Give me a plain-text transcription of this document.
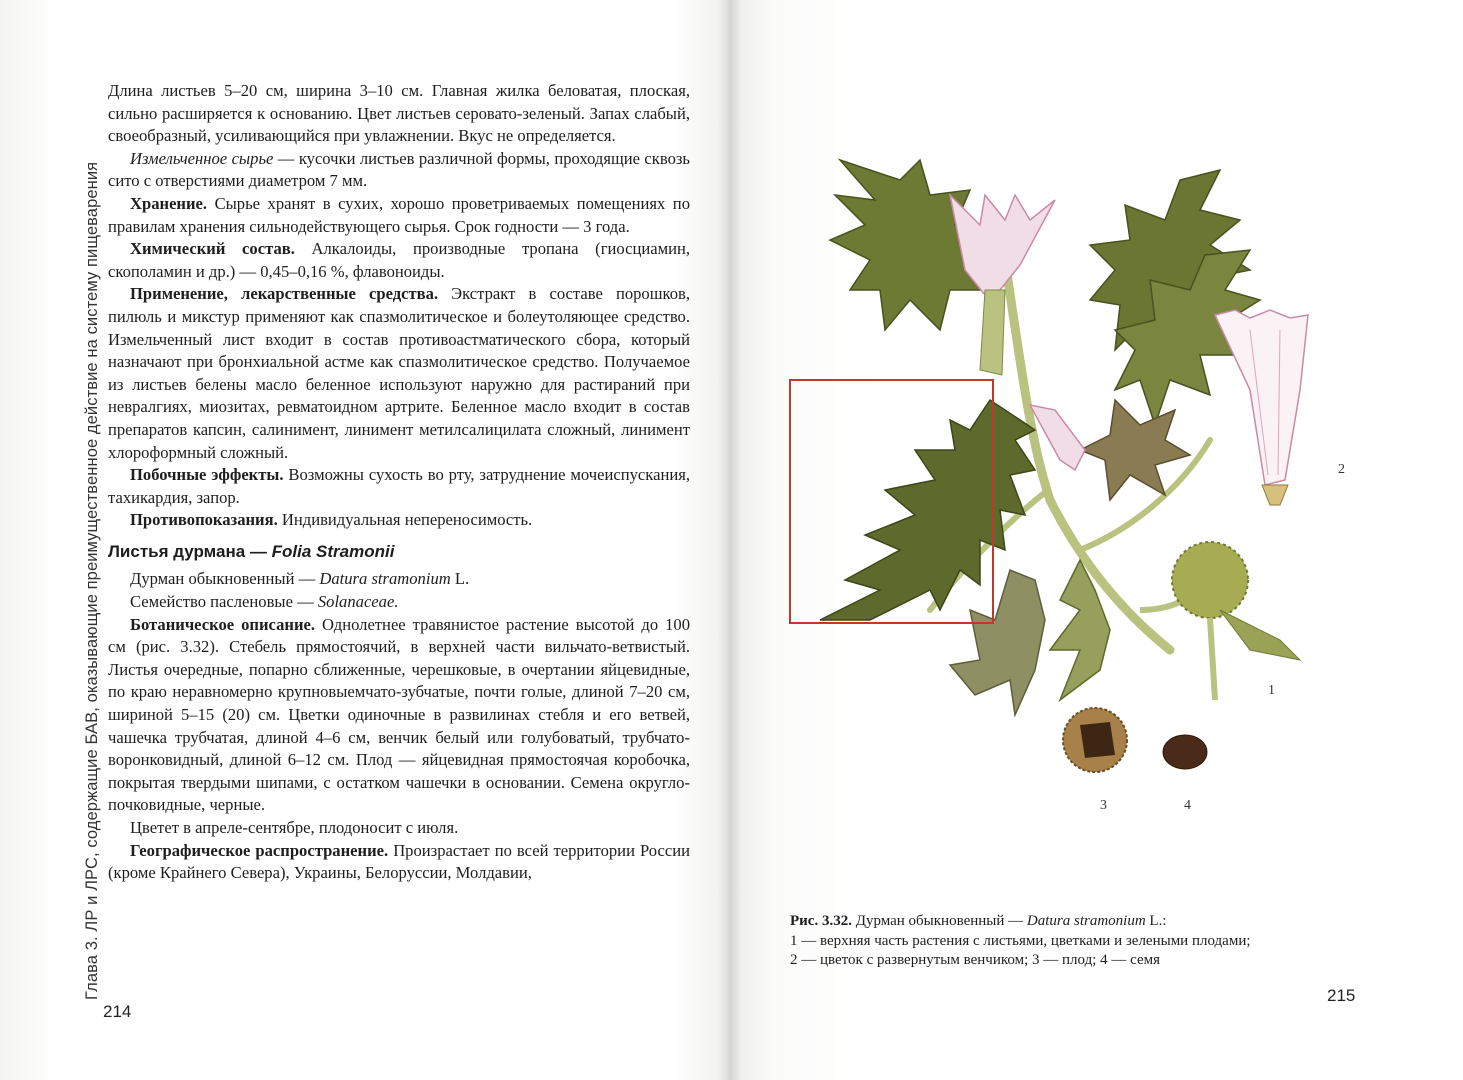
Глава 3. ЛР и ЛРС, содержащие БАВ, оказывающие преимущественное действие на систему пищеварения

Длина листьев 5–20 см, ширина 3–10 см. Главная жилка беловатая, плоская, сильно расширяется к основанию. Цвет листьев серовато-зеленый. Запах слабый, своеобразный, усиливающийся при увлажнении. Вкус не определяется.

Измельченное сырье — кусочки листьев различной формы, проходящие сквозь сито с отверстиями диаметром 7 мм.

Хранение. Сырье хранят в сухих, хорошо проветриваемых помещениях по правилам хранения сильнодействующего сырья. Срок годности — 3 года.

Химический состав. Алкалоиды, производные тропана (гиосциамин, скополамин и др.) — 0,45–0,16 %, флавоноиды.

Применение, лекарственные средства. Экстракт в составе порошков, пилюль и микстур применяют как спазмолитическое и болеутоляющее средство. Измельченный лист входит в состав противоастматического сбора, который назначают при бронхиальной астме как спазмолитическое средство. Получаемое из листьев белены масло беленное используют наружно для растираний при невралгиях, миозитах, ревматоидном артрите. Беленное масло входит в состав препаратов капсин, салинимент, линимент метилсалицилата сложный, линимент хлороформный сложный.

Побочные эффекты. Возможны сухость во рту, затруднение мочеиспускания, тахикардия, запор.

Противопоказания. Индивидуальная непереносимость.

Листья дурмана — Folia Stramonii

Дурман обыкновенный — Datura stramonium L.

Семейство пасленовые — Solanaceae.

Ботаническое описание. Однолетнее травянистое растение высотой до 100 см (рис. 3.32). Стебель прямостоячий, в верхней части вильчато-ветвистый. Листья очередные, попарно сближенные, черешковые, в очертании яйцевидные, по краю неравномерно крупновыемчато-зубчатые, почти голые, длиной 7–20 см, шириной 5–15 (20) см. Цветки одиночные в развилинах стебля и его ветвей, чашечка трубчатая, длиной 4–6 см, венчик белый или голубоватый, трубчато-воронковидный, длиной 6–12 см. Плод — яйцевидная прямостоячая коробочка, покрытая твердыми шипами, с остатком чашечки в основании. Семена округло-почковидные, черные.

Цветет в апреле-сентябре, плодоносит с июля.

Географическое распространение. Произрастает по всей территории России (кроме Крайнего Севера), Украины, Белоруссии, Молдавии,

214
1
2
3	4

Рис. 3.32. Дурман обыкновенный — Datura stramonium L.:

1 — верхняя часть растения с листьями, цветками и зелеными плодами;

2 — цветок с развернутым венчиком; 3 — плод; 4 — семя

215
